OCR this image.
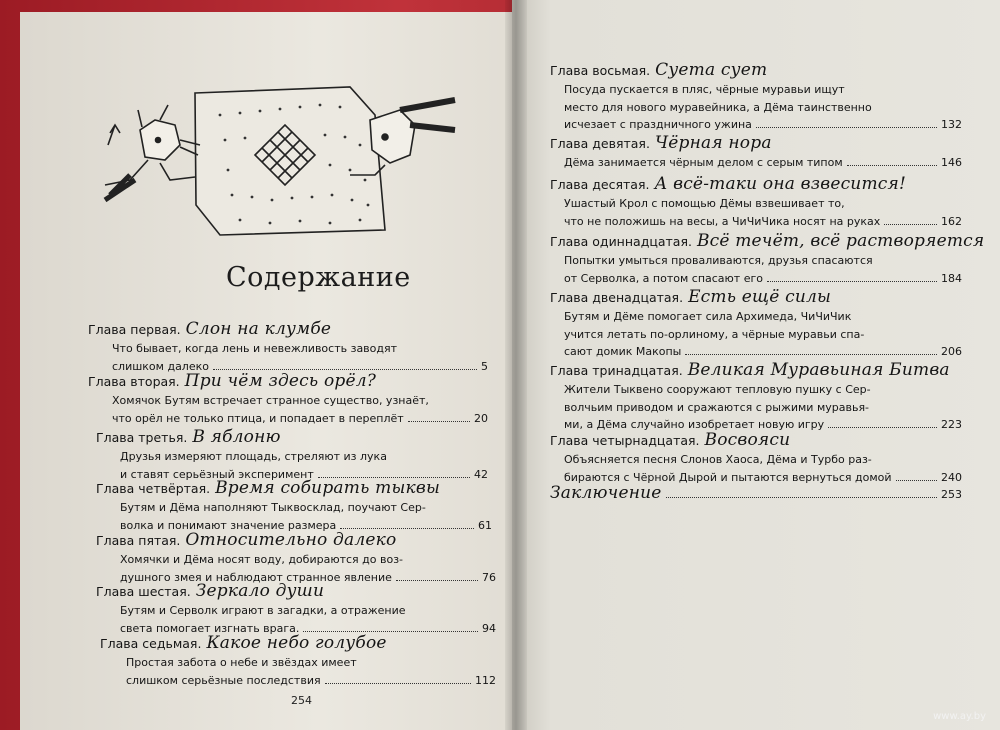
Содержание
Глава первая. Слон на клумбе
Что бывает, когда лень и невежливость заводят
слишком далеко	5
Глава вторая. При чём здесь орёл?
Хомячок Бутям встречает странное существо, узнаёт,
что орёл не только птица, и попадает в переплёт	20
Глава третья. В яблоню
Друзья измеряют площадь, стреляют из лука
и ставят серьёзный эксперимент	42
Глава четвёртая. Время собирать тыквы
Бутям и Дёма наполняют Тыквосклад, поучают Сер-
волка и понимают значение размера	61
Глава пятая. Относительно далеко
Хомячки и Дёма носят воду, добираются до воз-
душного змея и наблюдают странное явление	76
Глава шестая. Зеркало души
Бутям и Серволк играют в загадки, а отражение
света помогает изгнать врага.	94
Глава седьмая. Какое небо голубое
Простая забота о небе и звёздах имеет
слишком серьёзные последствия	112
Глава восьмая. Суета сует
Посуда пускается в пляс, чёрные муравьи ищут
место для нового муравейника, а Дёма таинственно
исчезает с праздничного ужина	132
Глава девятая. Чёрная нора
Дёма занимается чёрным делом с серым типом	146
Глава десятая. А всё-таки она взвесится!
Ушастый Крол с помощью Дёмы взвешивает то,
что не положишь на весы, а ЧиЧиЧика носят на руках	162
Глава одиннадцатая. Всё течёт, всё растворяется
Попытки умыться проваливаются, друзья спасаются
от Серволка, а потом спасают его	184
Глава двенадцатая. Есть ещё силы
Бутям и Дёме помогает сила Архимеда, ЧиЧиЧик
учится летать по-орлиному, а чёрные муравьи спа-
сают домик Макопы	206
Глава тринадцатая. Великая Муравьиная Битва
Жители Тыквено сооружают тепловую пушку с Сер-
волчьим приводом и сражаются с рыжими муравья-
ми, а Дёма случайно изобретает новую игру	223
Глава четырнадцатая. Восвояси
Объясняется песня Слонов Хаоса, Дёма и Турбо раз-
бираются с Чёрной Дырой и пытаются вернуться домой	240
Заключение	253
254
www.ay.by
